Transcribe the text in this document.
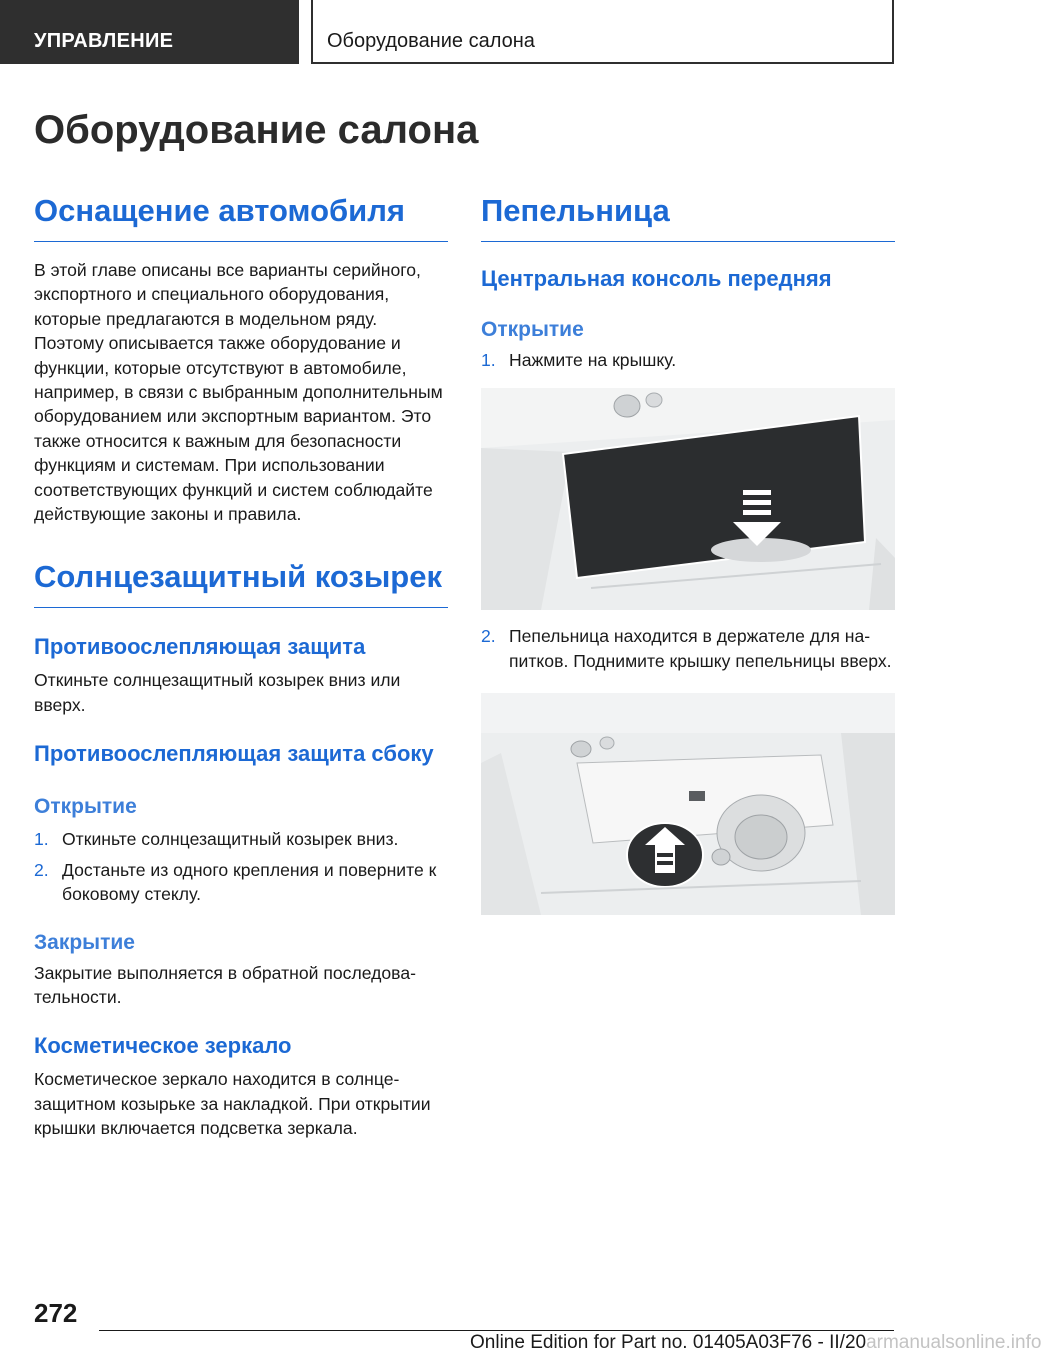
УПРАВЛЕНИЕ	Оборудование салона
Оборудование салона
Оснащение автомобиля

В этой главе описаны все варианты серийного, экспортного и специального оборудования, которые предлагаются в модельном ряду. Поэтому описывается также оборудование и функции, которые отсутствуют в автомобиле, например, в связи с выбранным дополнительным оборудованием или экспортным вариантом. Это также относится к важным для безопасности функциям и системам. При использовании соответствующих функций и систем соблюдайте действующие законы и правила.

Солнцезащитный козырек
Противоослепляющая защита

Откиньте солнцезащитный козырек вниз или вверх.

Противоослепляющая защита сбоку
Открытие
1. Откиньте солнцезащитный козырек вниз.
2. Достаньте из одного крепления и поверните к боковому стеклу.
Закрытие

Закрытие выполняется в обратной последовательности.

Косметическое зеркало

Косметическое зеркало находится в солнцезащитном козырьке за накладкой. При открытии крышки включается подсветка зеркала.

Пепельница
Центральная консоль передняя
Открытие
1. Нажмите на крышку.
2. Пепельница находится в держателе для напитков. Поднимите крышку пепельницы вверх.
272
Online Edition for Part no. 01405A03F76 - II/20armanualsonline.info
